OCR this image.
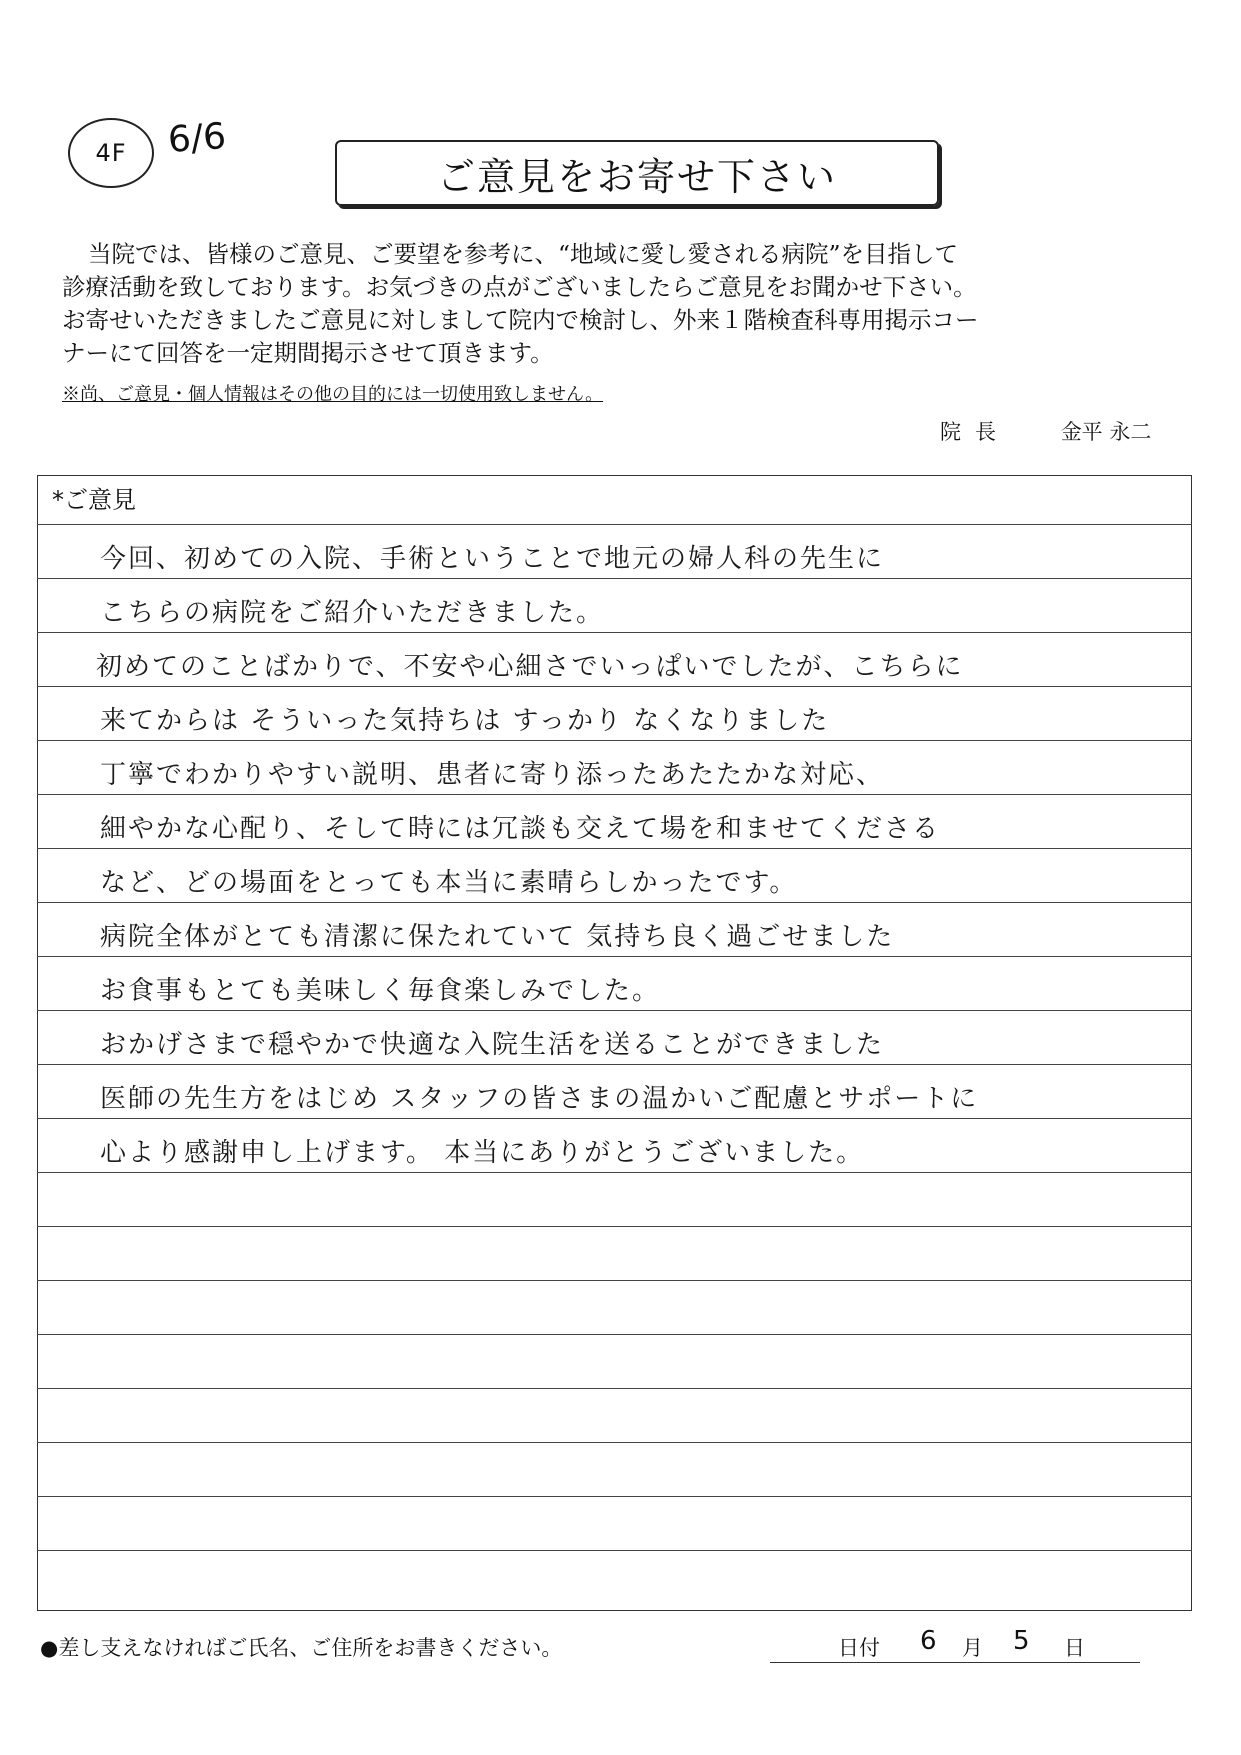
4F	6/6
ご意見をお寄せ下さい

当院では、皆様のご意見、ご要望を参考に、“地域に愛し愛される病院”を目指して

診療活動を致しております。お気づきの点がございましたらご意見をお聞かせ下さい。

お寄せいただきましたご意見に対しまして院内で検討し、外来１階検査科専用掲示コー

ナーにて回答を一定期間掲示させて頂きます。

※尚、ご意見・個人情報はその他の目的には一切使用致しません。
院長 金平 永二
*ご意見
今回、初めての入院、手術ということで地元の婦人科の先生に
こちらの病院をご紹介いただきました。
初めてのことばかりで、不安や心細さでいっぱいでしたが、こちらに
来てからは そういった気持ちは すっかり なくなりました
丁寧でわかりやすい説明、患者に寄り添ったあたたかな対応、
細やかな心配り、そして時には冗談も交えて場を和ませてくださる
など、どの場面をとっても本当に素晴らしかったです。
病院全体がとても清潔に保たれていて 気持ち良く過ごせました
お食事もとても美味しく毎食楽しみでした。
おかげさまで穏やかで快適な入院生活を送ることができました
医師の先生方をはじめ スタッフの皆さまの温かいご配慮とサポートに
心より感謝申し上げます。 本当にありがとうございました。
●差し支えなければご氏名、ご住所をお書きください。	日付 6 月 5 日
